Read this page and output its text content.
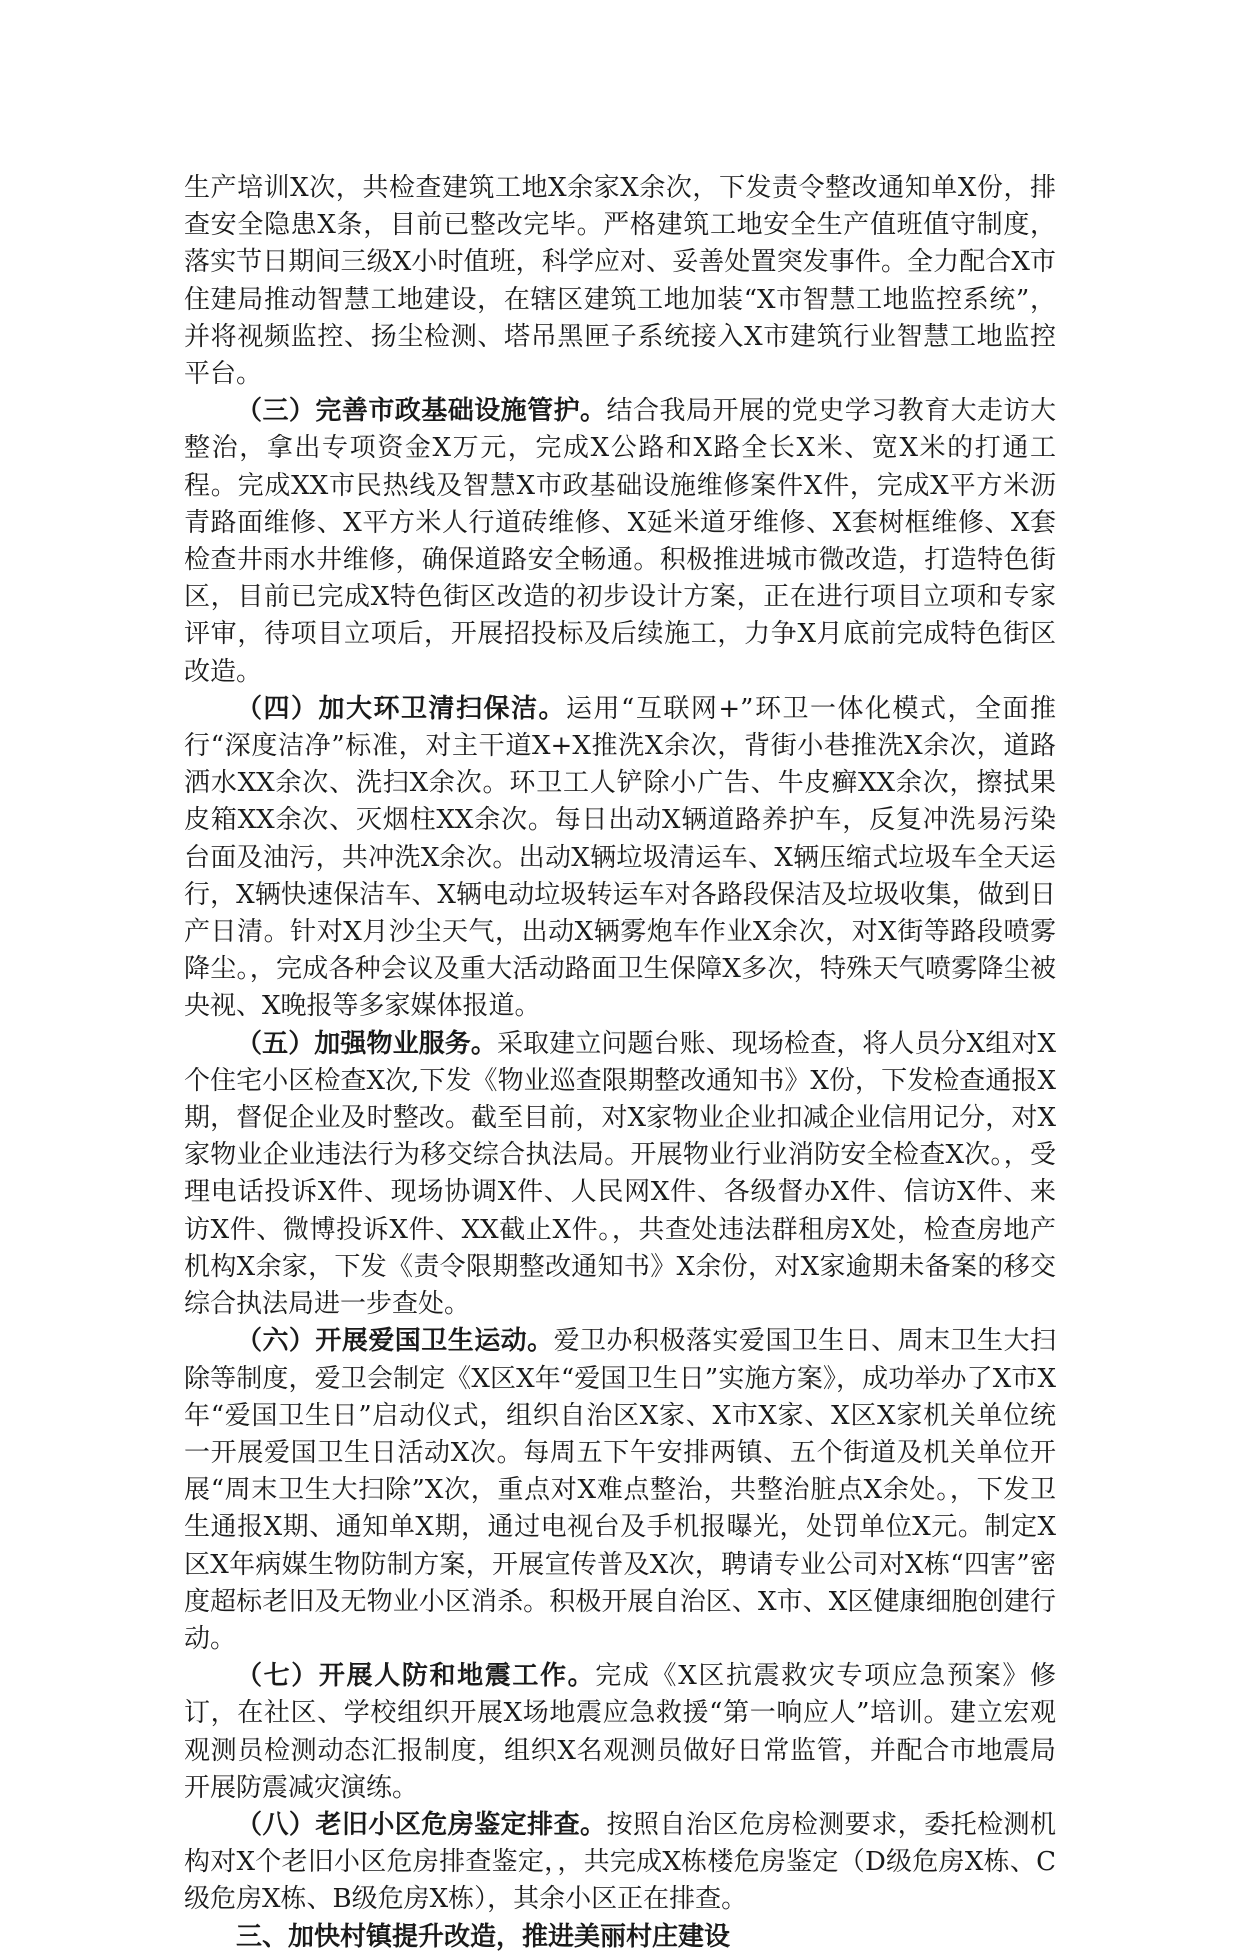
生产培训X次，共检查建筑工地X余家X余次，下发责令整改通知单X份，排查安全隐患X条，目前已整改完毕。严格建筑工地安全生产值班值守制度，落实节日期间三级X小时值班，科学应对、妥善处置突发事件。全力配合X市住建局推动智慧工地建设，在辖区建筑工地加装“X市智慧工地监控系统”，并将视频监控、扬尘检测、塔吊黑匣子系统接入X市建筑行业智慧工地监控平台。

（三）完善市政基础设施管护。结合我局开展的党史学习教育大走访大整治，拿出专项资金X万元，完成X公路和X路全长X米、宽X米的打通工程。完成XX市民热线及智慧X市政基础设施维修案件X件，完成X平方米沥青路面维修、X平方米人行道砖维修、X延米道牙维修、X套树框维修、X套检查井雨水井维修，确保道路安全畅通。积极推进城市微改造，打造特色街区，目前已完成X特色街区改造的初步设计方案，正在进行项目立项和专家评审，待项目立项后，开展招投标及后续施工，力争X月底前完成特色街区改造。

（四）加大环卫清扫保洁。运用“互联网+”环卫一体化模式，全面推行“深度洁净”标准，对主干道X+X推洗X余次，背街小巷推洗X余次，道路洒水XX余次、洗扫X余次。环卫工人铲除小广告、牛皮癣XX余次，擦拭果皮箱XX余次、灭烟柱XX余次。每日出动X辆道路养护车，反复冲洗易污染台面及油污，共冲洗X余次。出动X辆垃圾清运车、X辆压缩式垃圾车全天运行，X辆快速保洁车、X辆电动垃圾转运车对各路段保洁及垃圾收集，做到日产日清。针对X月沙尘天气，出动X辆雾炮车作业X余次，对X街等路段喷雾降尘。，完成各种会议及重大活动路面卫生保障X多次，特殊天气喷雾降尘被央视、X晚报等多家媒体报道。

（五）加强物业服务。采取建立问题台账、现场检查，将人员分X组对X个住宅小区检查X次,下发《物业巡查限期整改通知书》X份，下发检查通报X期，督促企业及时整改。截至目前，对X家物业企业扣减企业信用记分，对X家物业企业违法行为移交综合执法局。开展物业行业消防安全检查X次。，受理电话投诉X件、现场协调X件、人民网X件、各级督办X件、信访X件、来访X件、微博投诉X件、XX截止X件。，共查处违法群租房X处，检查房地产机构X余家，下发《责令限期整改通知书》X余份，对X家逾期未备案的移交综合执法局进一步查处。

（六）开展爱国卫生运动。爱卫办积极落实爱国卫生日、周末卫生大扫除等制度，爱卫会制定《X区X年“爱国卫生日”实施方案》，成功举办了X市X年“爱国卫生日”启动仪式，组织自治区X家、X市X家、X区X家机关单位统一开展爱国卫生日活动X次。每周五下午安排两镇、五个街道及机关单位开展“周末卫生大扫除”X次，重点对X难点整治，共整治脏点X余处。，下发卫生通报X期、通知单X期，通过电视台及手机报曝光，处罚单位X元。制定X区X年病媒生物防制方案，开展宣传普及X次，聘请专业公司对X栋“四害”密度超标老旧及无物业小区消杀。积极开展自治区、X市、X区健康细胞创建行动。

（七）开展人防和地震工作。完成《X区抗震救灾专项应急预案》修订，在社区、学校组织开展X场地震应急救援“第一响应人”培训。建立宏观观测员检测动态汇报制度，组织X名观测员做好日常监管，并配合市地震局开展防震减灾演练。

（八）老旧小区危房鉴定排查。按照自治区危房检测要求，委托检测机构对X个老旧小区危房排查鉴定，，共完成X栋楼危房鉴定（D级危房X栋、C级危房X栋、B级危房X栋），其余小区正在排查。

三、加快村镇提升改造，推进美丽村庄建设
